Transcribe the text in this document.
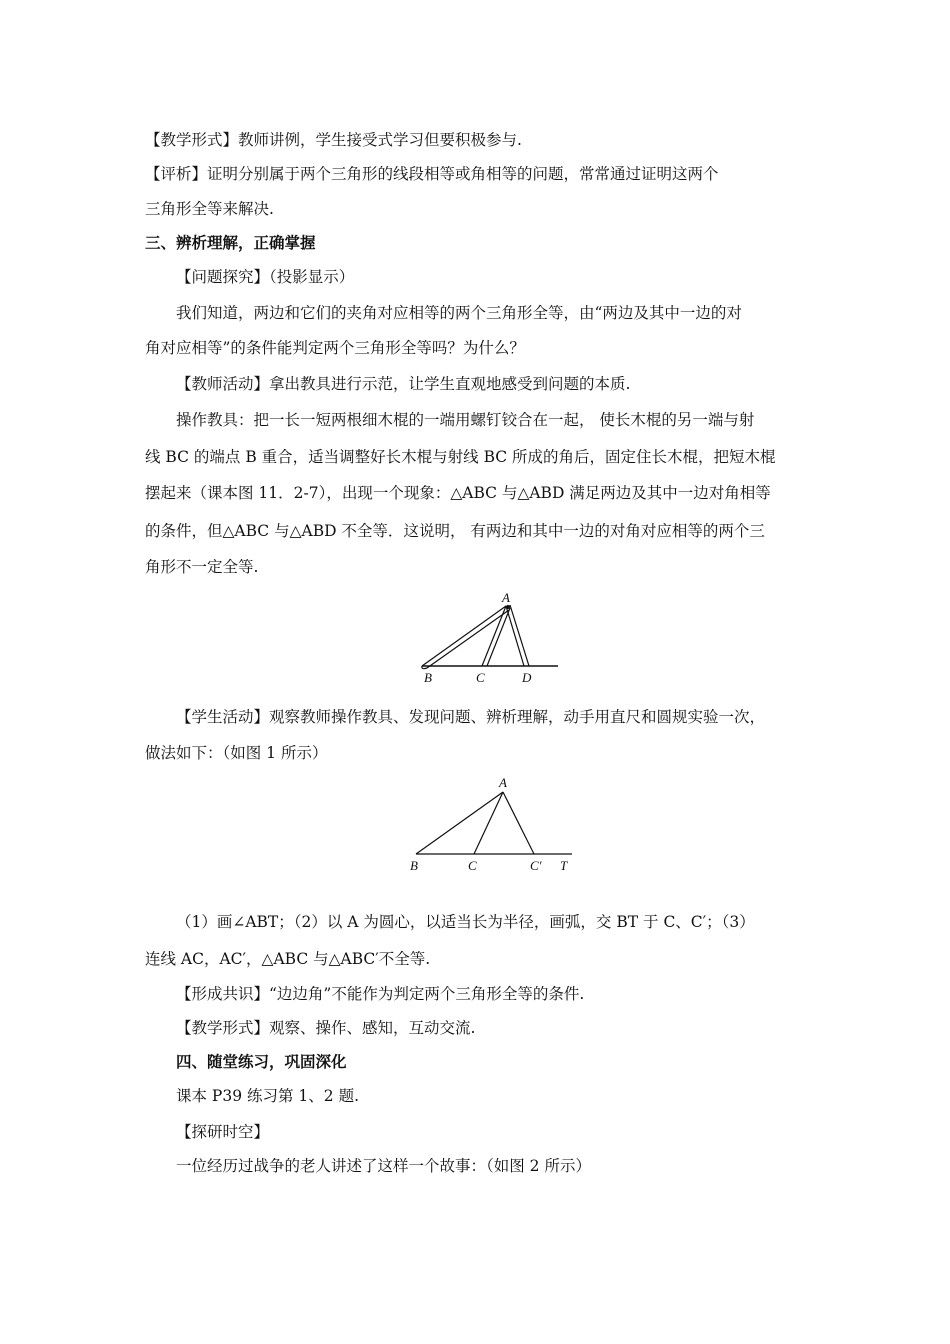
【教学形式】教师讲例，学生接受式学习但要积极参与.
【评析】证明分别属于两个三角形的线段相等或角相等的问题，常常通过证明这两个
三角形全等来解决.
三、辨析理解，正确掌握
【问题探究】（投影显示）
我们知道，两边和它们的夹角对应相等的两个三角形全等，由“两边及其中一边的对
角对应相等”的条件能判定两个三角形全等吗？为什么？
【教师活动】拿出教具进行示范，让学生直观地感受到问题的本质.
操作教具：把一长一短两根细木棍的一端用螺钉铰合在一起， 使长木棍的另一端与射
线 BC 的端点 B 重合，适当调整好长木棍与射线 BC 所成的角后，固定住长木棍，把短木棍
摆起来（课本图 11．2-7），出现一个现象：△ABC 与△ABD 满足两边及其中一边对角相等
的条件，但△ABC 与△ABD 不全等．这说明， 有两边和其中一边的对角对应相等的两个三
角形不一定全等.
A
B	C	D
【学生活动】观察教师操作教具、发现问题、辨析理解，动手用直尺和圆规实验一次，
做法如下：（如图 1 所示）
A
B	C	C′ T
（1）画∠ABT；（2）以 A 为圆心，以适当长为半径，画弧，交 BT 于 C、C′；（3）
连线 AC，AC′，△ABC 与△ABC′不全等.
【形成共识】“边边角”不能作为判定两个三角形全等的条件.
【教学形式】观察、操作、感知，互动交流.
四、随堂练习，巩固深化
课本 P39 练习第 1、2 题.
【探研时空】
一位经历过战争的老人讲述了这样一个故事：（如图 2 所示）
